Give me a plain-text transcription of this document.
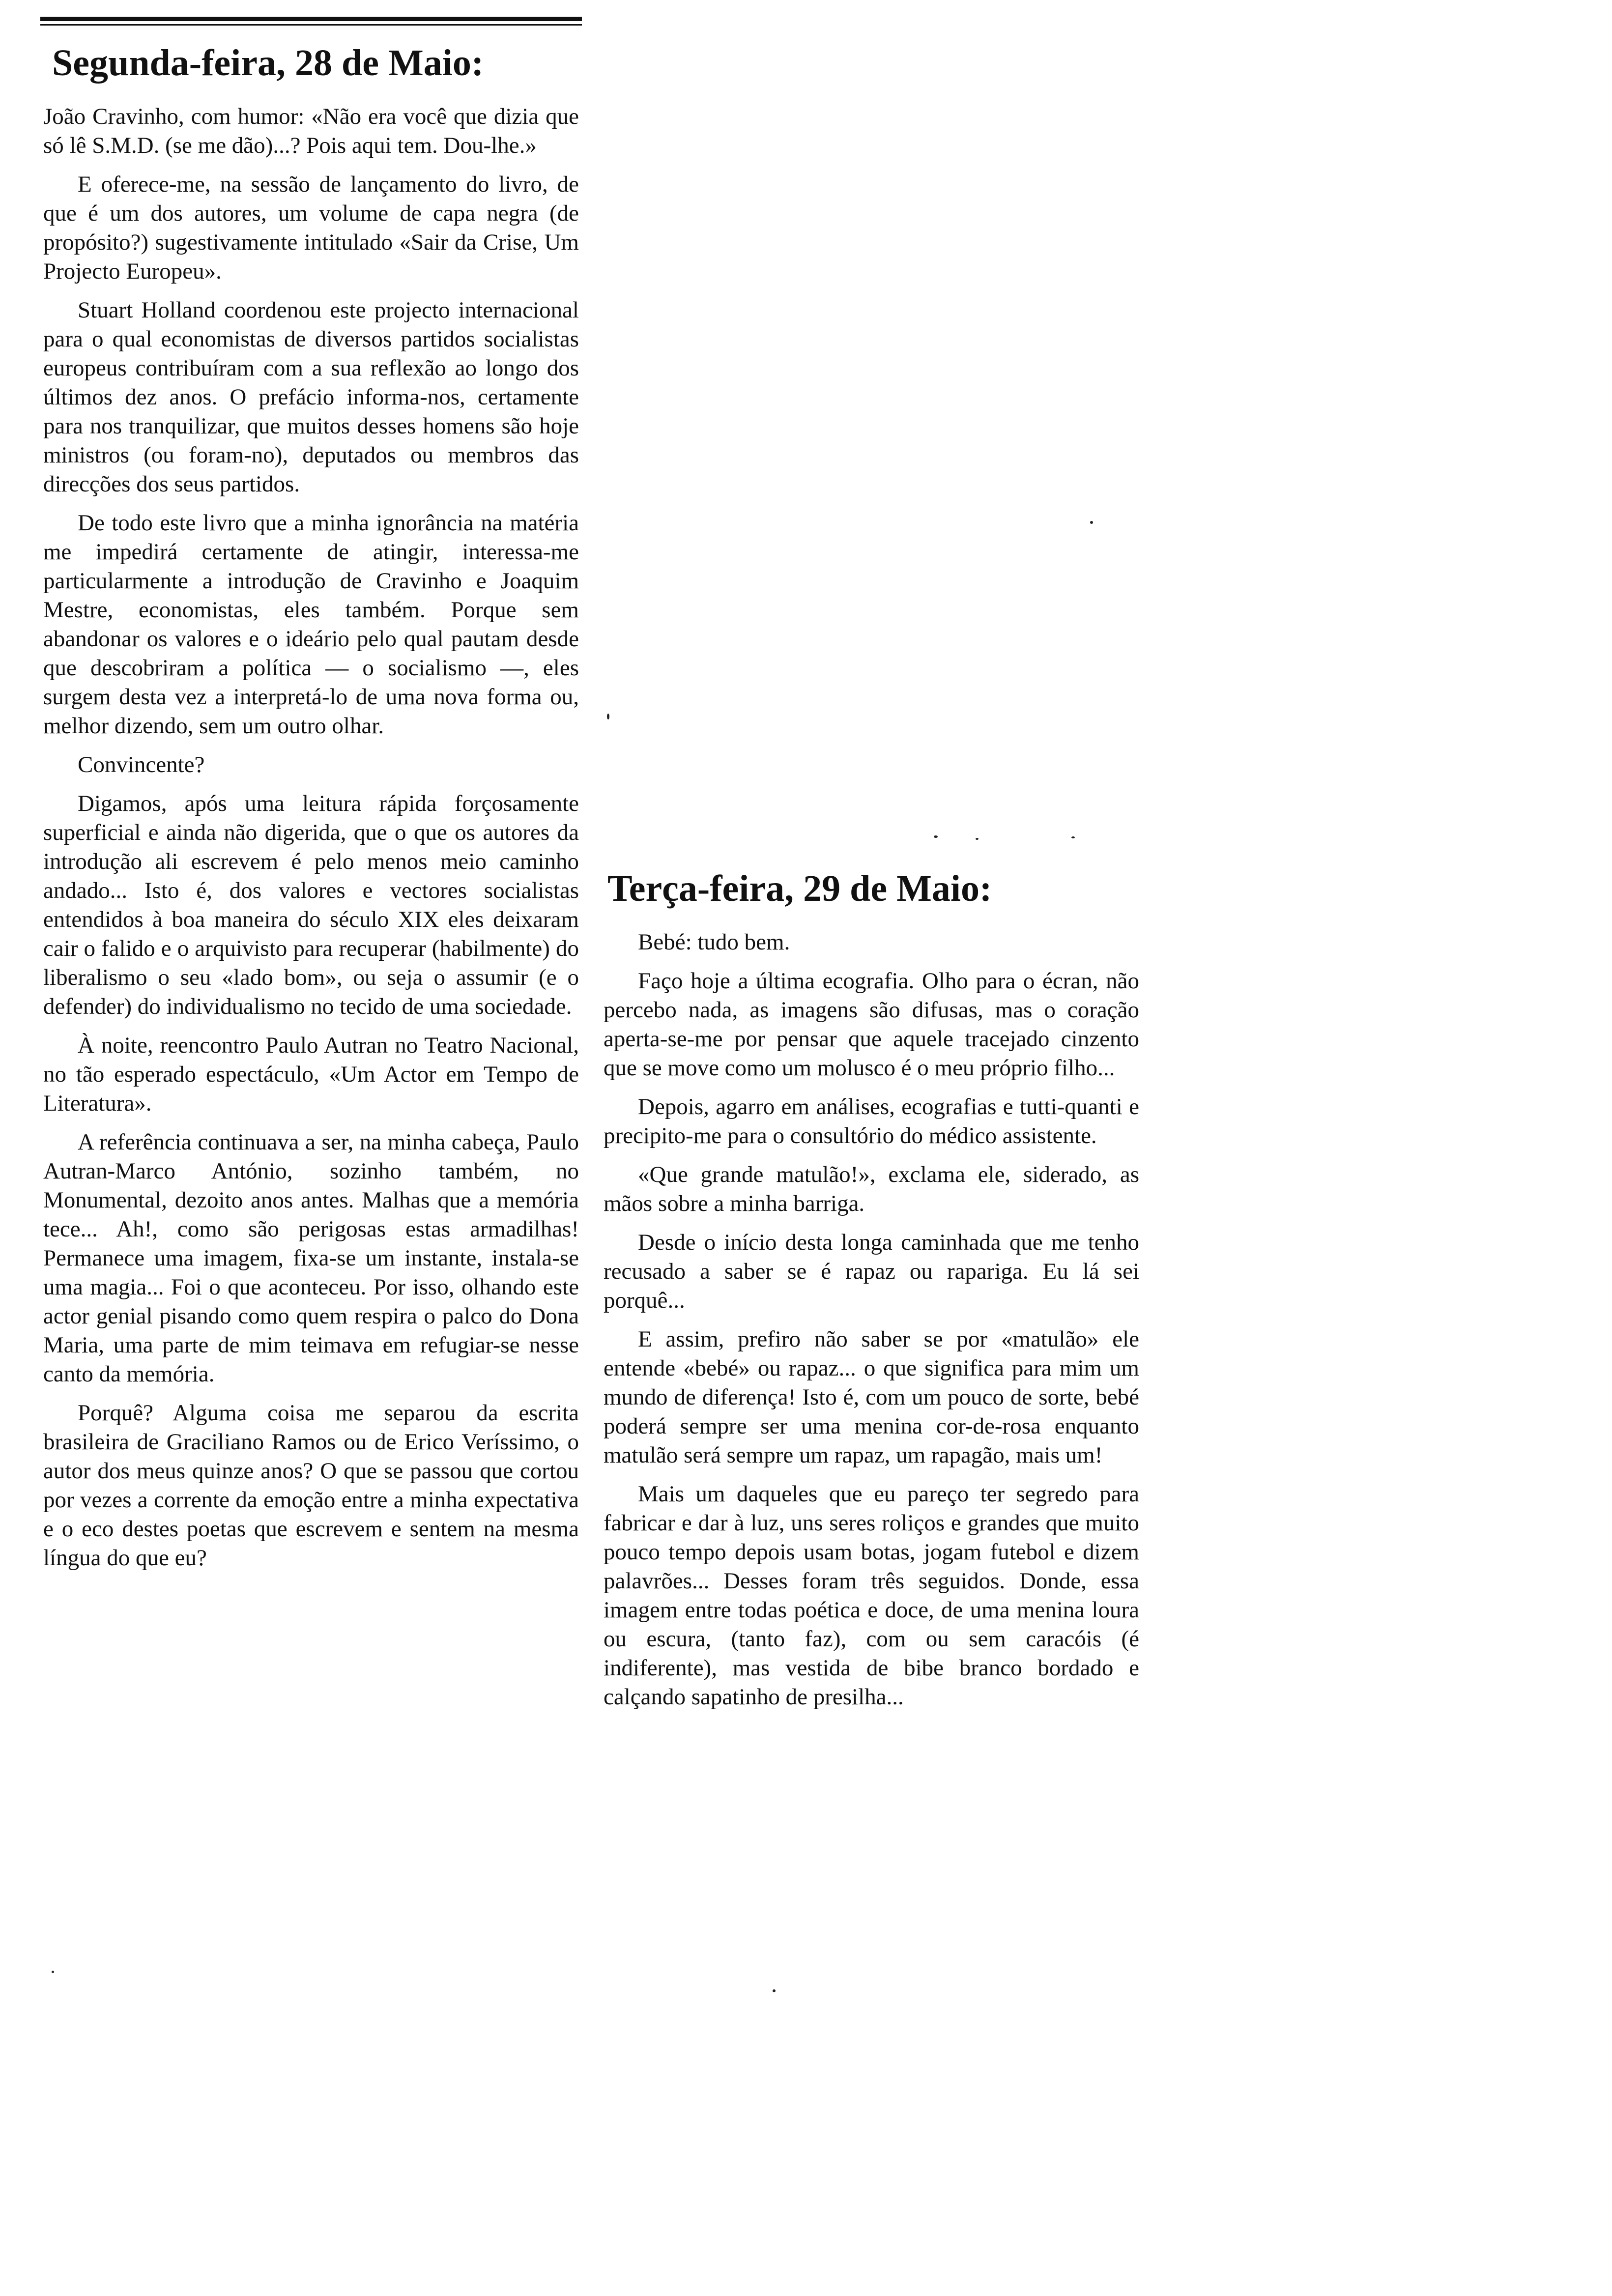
Segunda-feira, 28 de Maio:

João Cravinho, com humor: «Não era você que dizia que só lê S.M.D. (se me dão)...? Pois aqui tem. Dou-lhe.»

E oferece-me, na sessão de lançamento do livro, de que é um dos autores, um volume de capa negra (de propósito?) sugestivamente intitulado «Sair da Crise, Um Projecto Europeu».

Stuart Holland coordenou este projecto internacional para o qual economistas de diversos partidos socialistas europeus contribuíram com a sua reflexão ao longo dos últimos dez anos. O prefácio informa-nos, certamente para nos tranquilizar, que muitos desses homens são hoje ministros (ou foram-no), deputados ou membros das direcções dos seus partidos.

De todo este livro que a minha ignorância na matéria me impedirá certamente de atingir, interessa-me particularmente a introdução de Cravinho e Joaquim Mestre, economistas, eles também. Porque sem abandonar os valores e o ideário pelo qual pautam desde que descobriram a política — o socialismo —, eles surgem desta vez a interpretá-lo de uma nova forma ou, melhor dizendo, sem um outro olhar.

Convincente?

Digamos, após uma leitura rápida forçosamente superficial e ainda não digerida, que o que os autores da introdução ali escrevem é pelo menos meio caminho andado... Isto é, dos valores e vectores socialistas entendidos à boa maneira do século XIX eles deixaram cair o falido e o arquivisto para recuperar (habilmente) do liberalismo o seu «lado bom», ou seja o assumir (e o defender) do individualismo no tecido de uma sociedade.

À noite, reencontro Paulo Autran no Teatro Nacional, no tão esperado espectáculo, «Um Actor em Tempo de Literatura».

A referência continuava a ser, na minha cabeça, Paulo Autran-Marco António, sozinho também, no Monumental, dezoito anos antes. Malhas que a memória tece... Ah!, como são perigosas estas armadilhas! Permanece uma imagem, fixa-se um instante, instala-se uma magia... Foi o que aconteceu. Por isso, olhando este actor genial pisando como quem respira o palco do Dona Maria, uma parte de mim teimava em refugiar-se nesse canto da memória.

Porquê? Alguma coisa me separou da escrita brasileira de Graciliano Ramos ou de Erico Veríssimo, o autor dos meus quinze anos? O que se passou que cortou por vezes a corrente da emoção entre a minha expectativa e o eco destes poetas que escrevem e sentem na mesma língua do que eu?

Terça-feira, 29 de Maio:

Bebé: tudo bem.

Faço hoje a última ecografia. Olho para o écran, não percebo nada, as imagens são difusas, mas o coração aperta-se-me por pensar que aquele tracejado cinzento que se move como um molusco é o meu próprio filho...

Depois, agarro em análises, ecografias e tutti-quanti e precipito-me para o consultório do médico assistente.

«Que grande matulão!», exclama ele, siderado, as mãos sobre a minha barriga.

Desde o início desta longa caminhada que me tenho recusado a saber se é rapaz ou rapariga. Eu lá sei porquê...

E assim, prefiro não saber se por «matulão» ele entende «bebé» ou rapaz... o que significa para mim um mundo de diferença! Isto é, com um pouco de sorte, bebé poderá sempre ser uma menina cor-de-rosa enquanto matulão será sempre um rapaz, um rapagão, mais um!

Mais um daqueles que eu pareço ter segredo para fabricar e dar à luz, uns seres roliços e grandes que muito pouco tempo depois usam botas, jogam futebol e dizem palavrões... Desses foram três seguidos. Donde, essa imagem entre todas poética e doce, de uma menina loura ou escura, (tanto faz), com ou sem caracóis (é indiferente), mas vestida de bibe branco bordado e calçando sapatinho de presilha...
